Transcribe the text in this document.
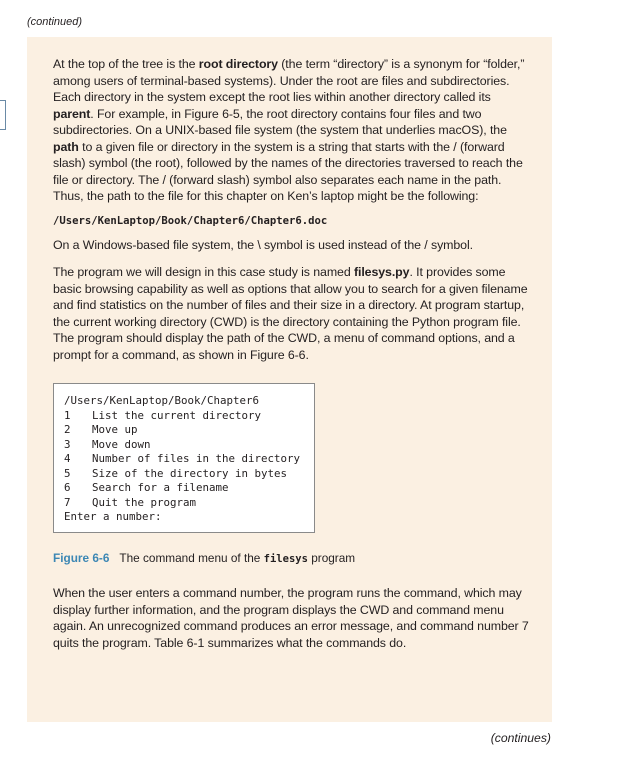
(continued)

At the top of the tree is the root directory (the term “directory” is a synonym for “folder,” among users of terminal-based systems). Under the root are files and subdirectories. Each directory in the system except the root lies within another directory called its parent. For example, in Figure 6-5, the root directory contains four files and two subdirectories. On a UNIX-based file system (the system that underlies macOS), the path to a given file or directory in the system is a string that starts with the / (forward slash) symbol (the root), followed by the names of the directories traversed to reach the file or directory. The / (forward slash) symbol also separates each name in the path. Thus, the path to the file for this chapter on Ken’s laptop might be the following:

/Users/KenLaptop/Book/Chapter6/Chapter6.doc

On a Windows-based file system, the \ symbol is used instead of the / symbol.

The program we will design in this case study is named filesys.py. It provides some basic browsing capability as well as options that allow you to search for a given filename and find statistics on the number of files and their size in a directory. At program startup, the current working directory (CWD) is the directory containing the Python program file. The program should display the path of the CWD, a menu of command options, and a prompt for a command, as shown in Figure 6-6.

/Users/KenLaptop/Book/Chapter6
1 List the current directory
2 Move up
3 Move down
4 Number of files in the directory
5 Size of the directory in bytes
6 Search for a filename
7 Quit the program
Enter a number:
Figure 6-6 The command menu of the filesys program

When the user enters a command number, the program runs the command, which may display further information, and the program displays the CWD and command menu again. An unrecognized command produces an error message, and command number 7 quits the program. Table 6-1 summarizes what the commands do.

(continues)
